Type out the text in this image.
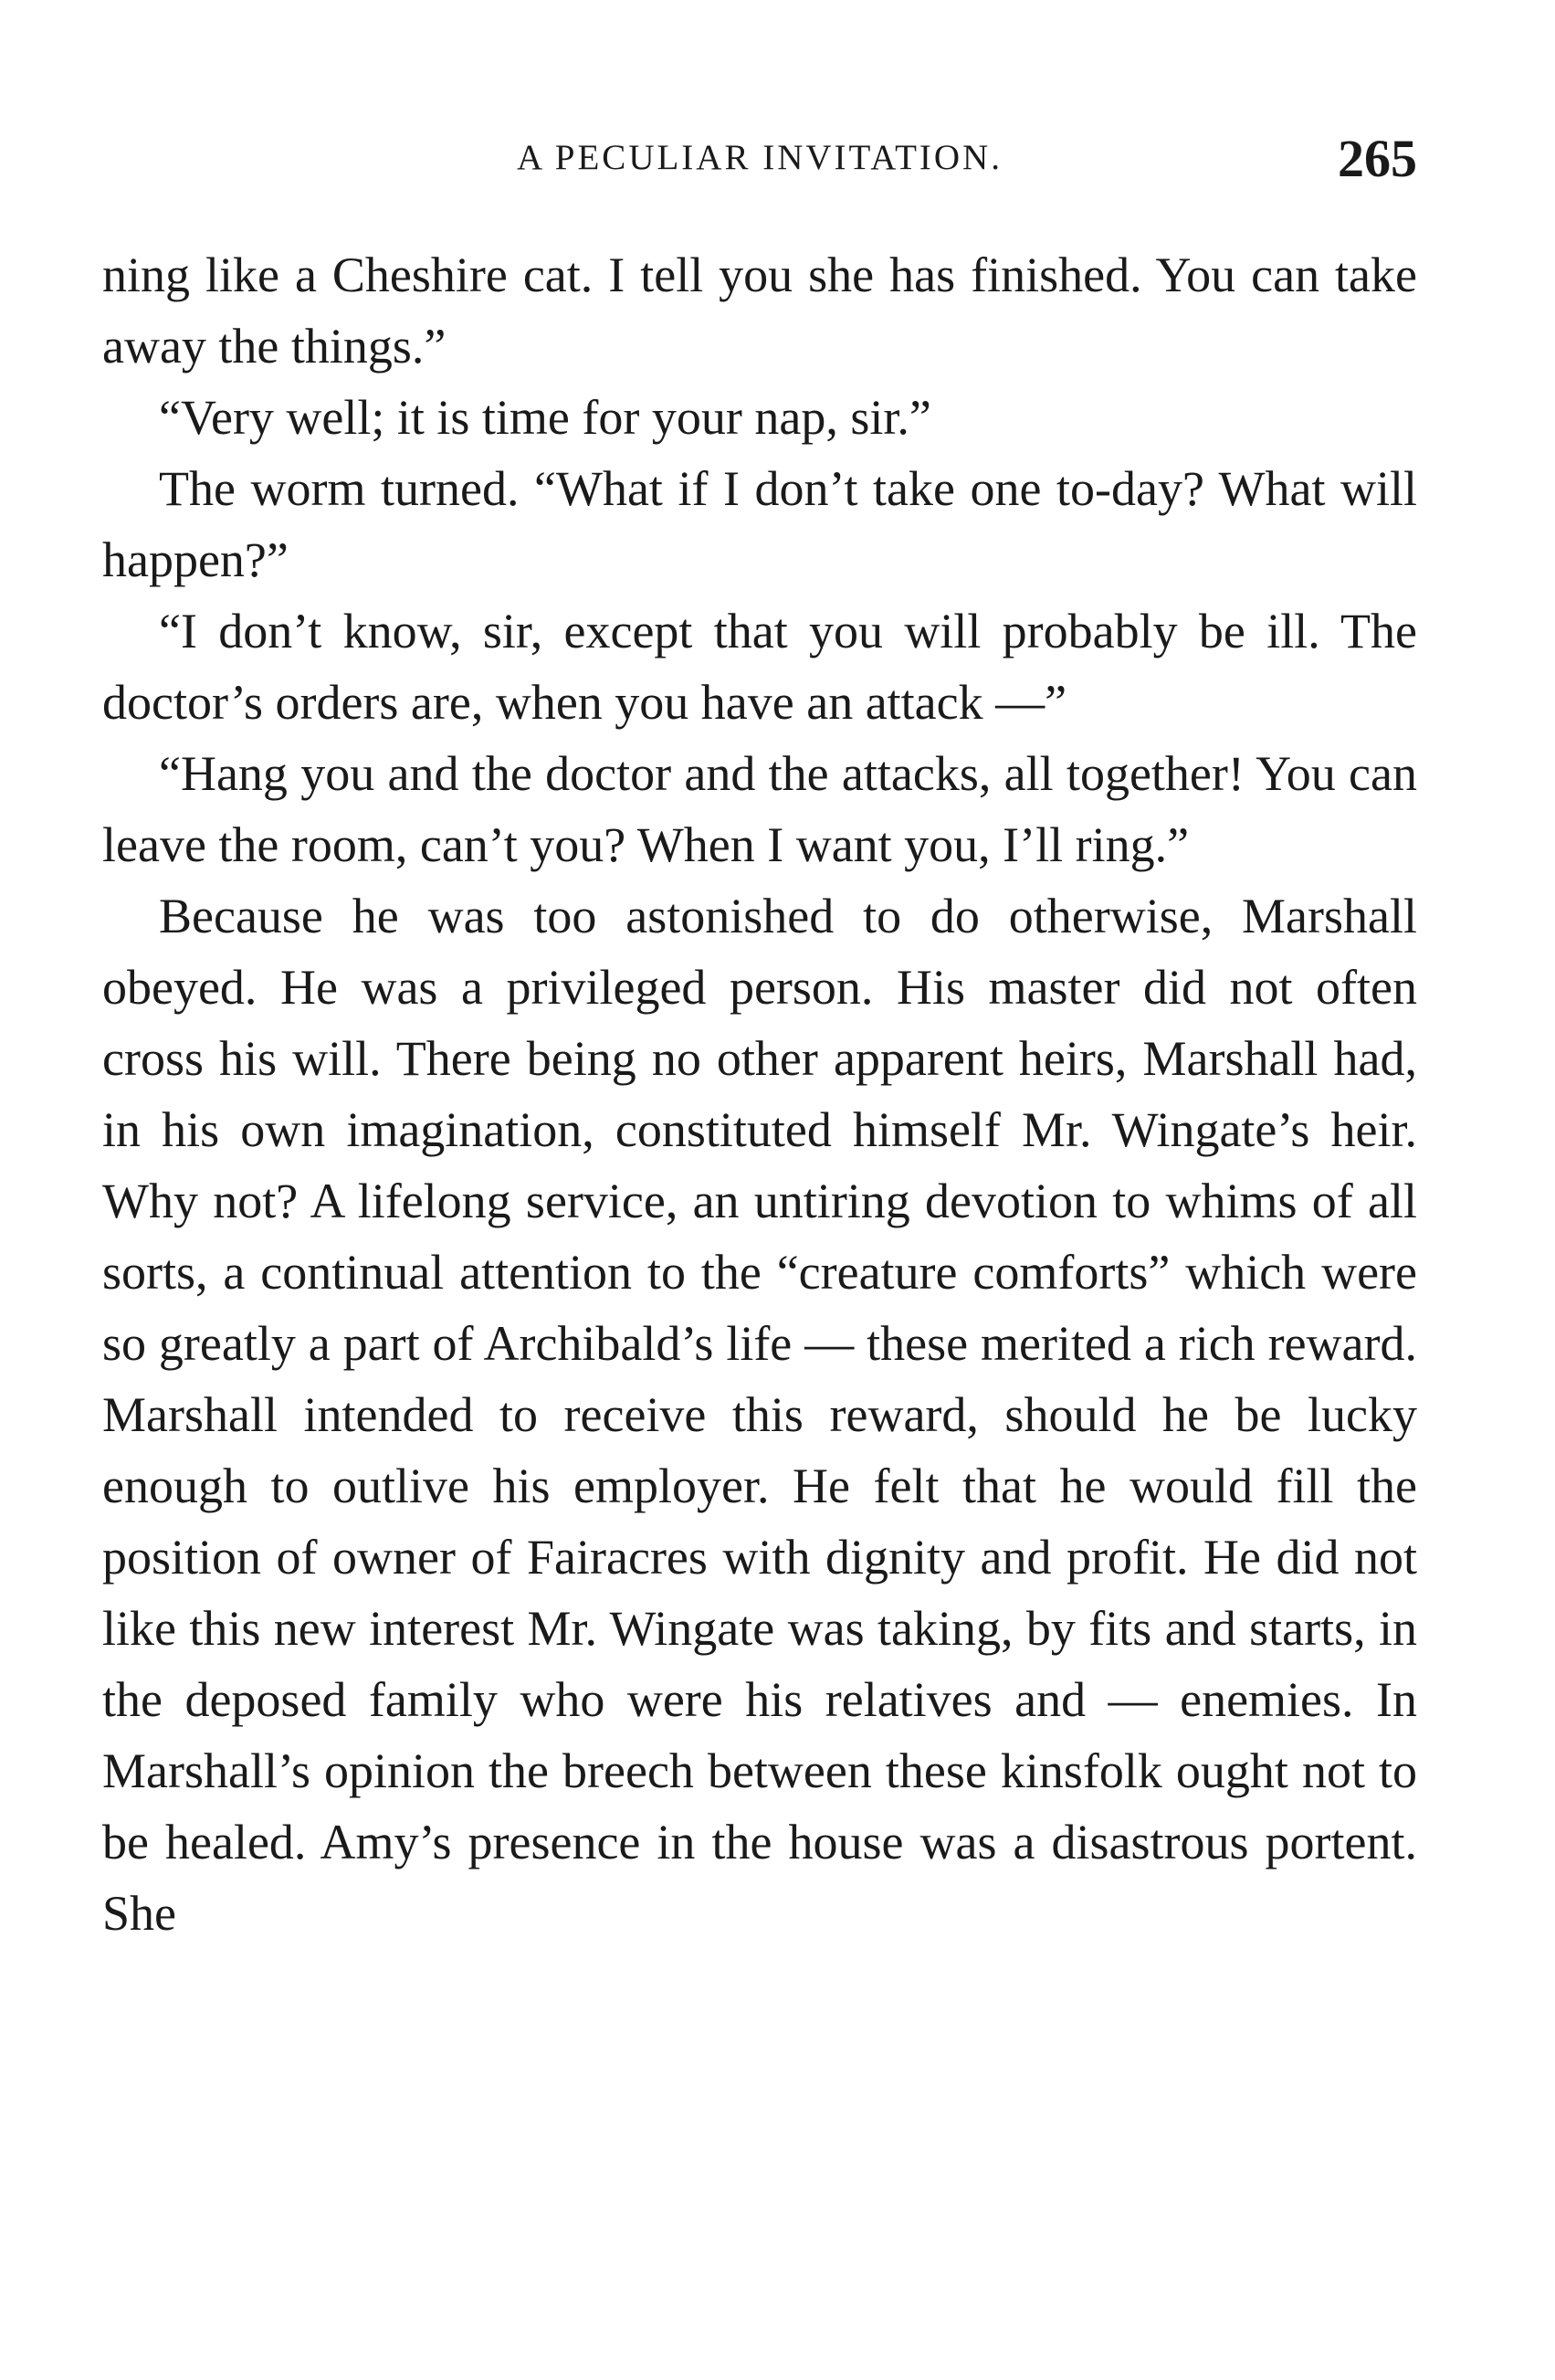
A PECULIAR INVITATION.	265

ning like a Cheshire cat. I tell you she has finished. You can take away the things.”

“Very well; it is time for your nap, sir.”

The worm turned. “What if I don’t take one to-day? What will happen?”

“I don’t know, sir, except that you will probably be ill. The doctor’s orders are, when you have an attack —”

“Hang you and the doctor and the attacks, all together! You can leave the room, can’t you? When I want you, I’ll ring.”

Because he was too astonished to do otherwise, Marshall obeyed. He was a privileged person. His master did not often cross his will. There being no other apparent heirs, Marshall had, in his own imagination, constituted himself Mr. Wingate’s heir. Why not? A lifelong service, an untiring devotion to whims of all sorts, a continual attention to the “creature comforts” which were so greatly a part of Archibald’s life — these merited a rich reward. Marshall intended to receive this reward, should he be lucky enough to outlive his employer. He felt that he would fill the position of owner of Fairacres with dignity and profit. He did not like this new interest Mr. Wingate was taking, by fits and starts, in the deposed family who were his relatives and — enemies. In Marshall’s opinion the breech between these kinsfolk ought not to be healed. Amy’s presence in the house was a disastrous portent. She
